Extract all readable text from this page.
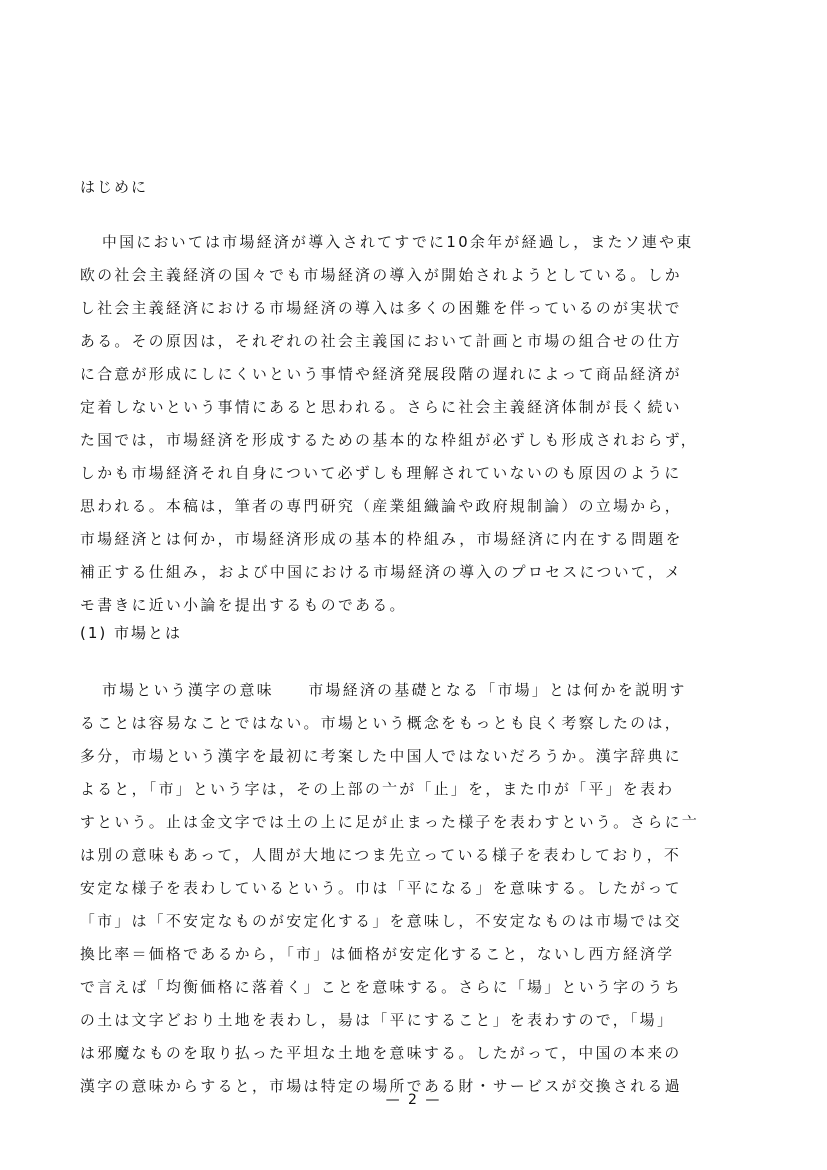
はじめに
中国においては市場経済が導入されてすでに10余年が経過し，またソ連や東
欧の社会主義経済の国々でも市場経済の導入が開始されようとしている。しか
し社会主義経済における市場経済の導入は多くの困難を伴っているのが実状で
ある。その原因は，それぞれの社会主義国において計画と市場の組合せの仕方
に合意が形成にしにくいという事情や経済発展段階の遅れによって商品経済が
定着しないという事情にあると思われる。さらに社会主義経済体制が長く続い
た国では，市場経済を形成するための基本的な枠組が必ずしも形成されおらず，
しかも市場経済それ自身について必ずしも理解されていないのも原因のように
思われる。本稿は，筆者の専門研究（産業組織論や政府規制論）の立場から，
市場経済とは何か，市場経済形成の基本的枠組み，市場経済に内在する問題を
補正する仕組み，および中国における市場経済の導入のプロセスについて，メ
モ書きに近い小論を提出するものである。
(1) 市場とは
市場という漢字の意味　　市場経済の基礎となる「市場」とは何かを説明す
ることは容易なことではない。市場という概念をもっとも良く考察したのは，
多分，市場という漢字を最初に考案した中国人ではないだろうか。漢字辞典に
よると，「市」という字は，その上部の亠が「止」を，また巾が「平」を表わ
すという。止は金文字では土の上に足が止まった様子を表わすという。さらに亠
は別の意味もあって，人間が大地につま先立っている様子を表わしており，不
安定な様子を表わしているという。巾は「平になる」を意味する。したがって
「市」は「不安定なものが安定化する」を意味し，不安定なものは市場では交
換比率＝価格であるから，「市」は価格が安定化すること，ないし西方経済学
で言えば「均衡価格に落着く」ことを意味する。さらに「場」という字のうち
の土は文字どおり土地を表わし，昜は「平にすること」を表わすので，「場」
は邪魔なものを取り払った平坦な土地を意味する。したがって，中国の本来の
漢字の意味からすると，市場は特定の場所である財・サービスが交換される過
— 2 —
